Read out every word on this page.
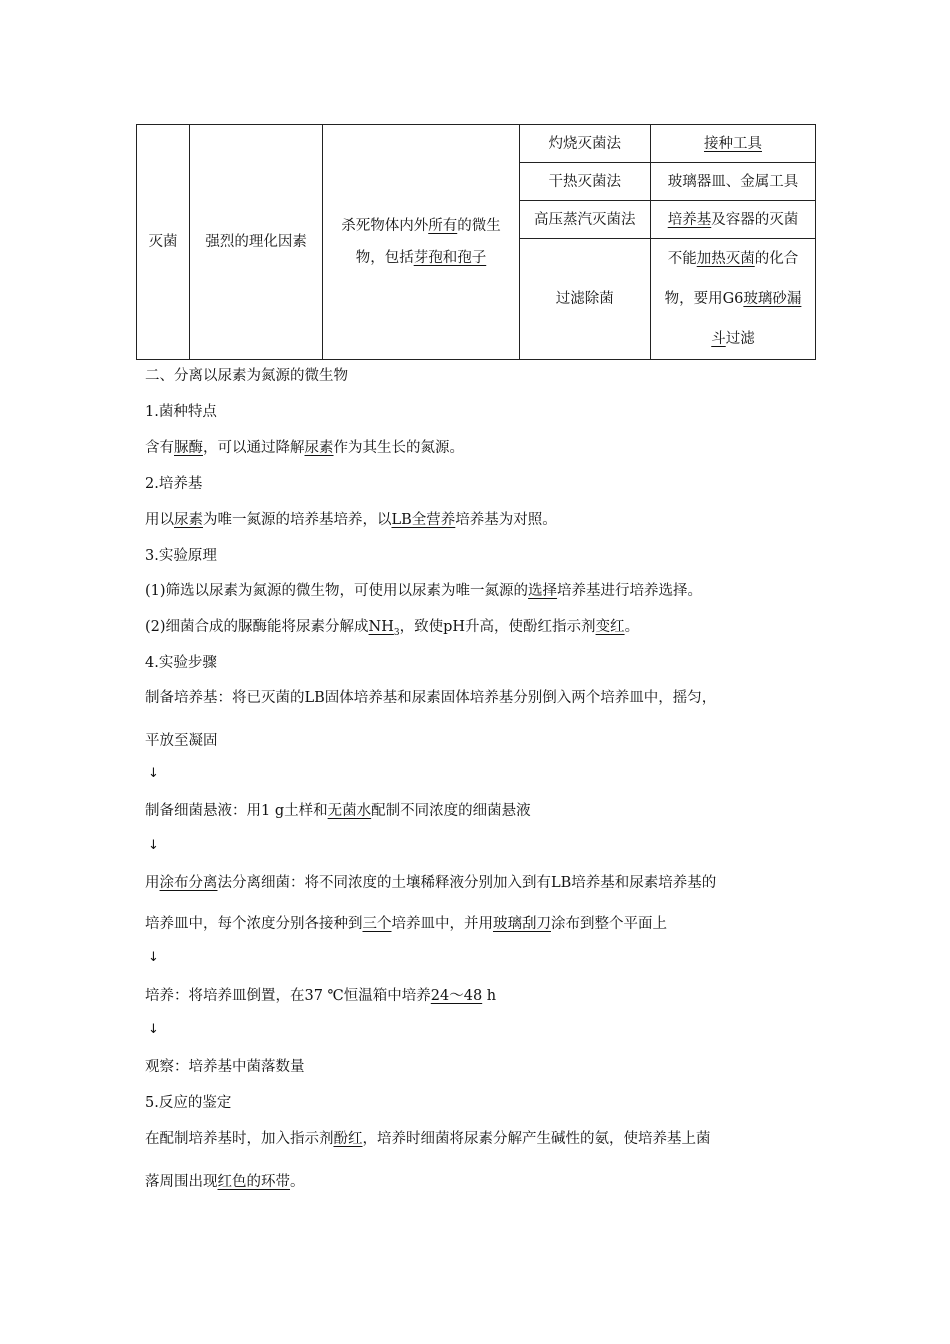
灭菌	强烈的理化因素	杀死物体内外所有的微生物，包括芽孢和孢子	灼烧灭菌法	接种工具
			干热灭菌法	玻璃器皿、金属工具
			高压蒸汽灭菌法	培养基及容器的灭菌
			过滤除菌	不能加热灭菌的化合物，要用G6玻璃砂漏斗过滤
二、分离以尿素为氮源的微生物
1.菌种特点
含有脲酶，可以通过降解尿素作为其生长的氮源。
2.培养基
用以尿素为唯一氮源的培养基培养，以LB全营养培养基为对照。
3.实验原理
(1)筛选以尿素为氮源的微生物，可使用以尿素为唯一氮源的选择培养基进行培养选择。
(2)细菌合成的脲酶能将尿素分解成$NH_3$，致使pH升高，使酚红指示剂变红。
4.实验步骤
制备培养基：将已灭菌的LB固体培养基和尿素固体培养基分别倒入两个培养皿中，摇匀，
平放至凝固
↓
制备细菌悬液：用1 g土样和无菌水配制不同浓度的细菌悬液
↓
用涂布分离法分离细菌：将不同浓度的土壤稀释液分别加入到有LB培养基和尿素培养基的
培养皿中，每个浓度分别各接种到三个培养皿中，并用玻璃刮刀涂布到整个平面上
↓
培养：将培养皿倒置，在37 ℃恒温箱中培养24～48 h
↓
观察：培养基中菌落数量
5.反应的鉴定
在配制培养基时，加入指示剂酚红，培养时细菌将尿素分解产生碱性的氨，使培养基上菌
落周围出现红色的环带。
